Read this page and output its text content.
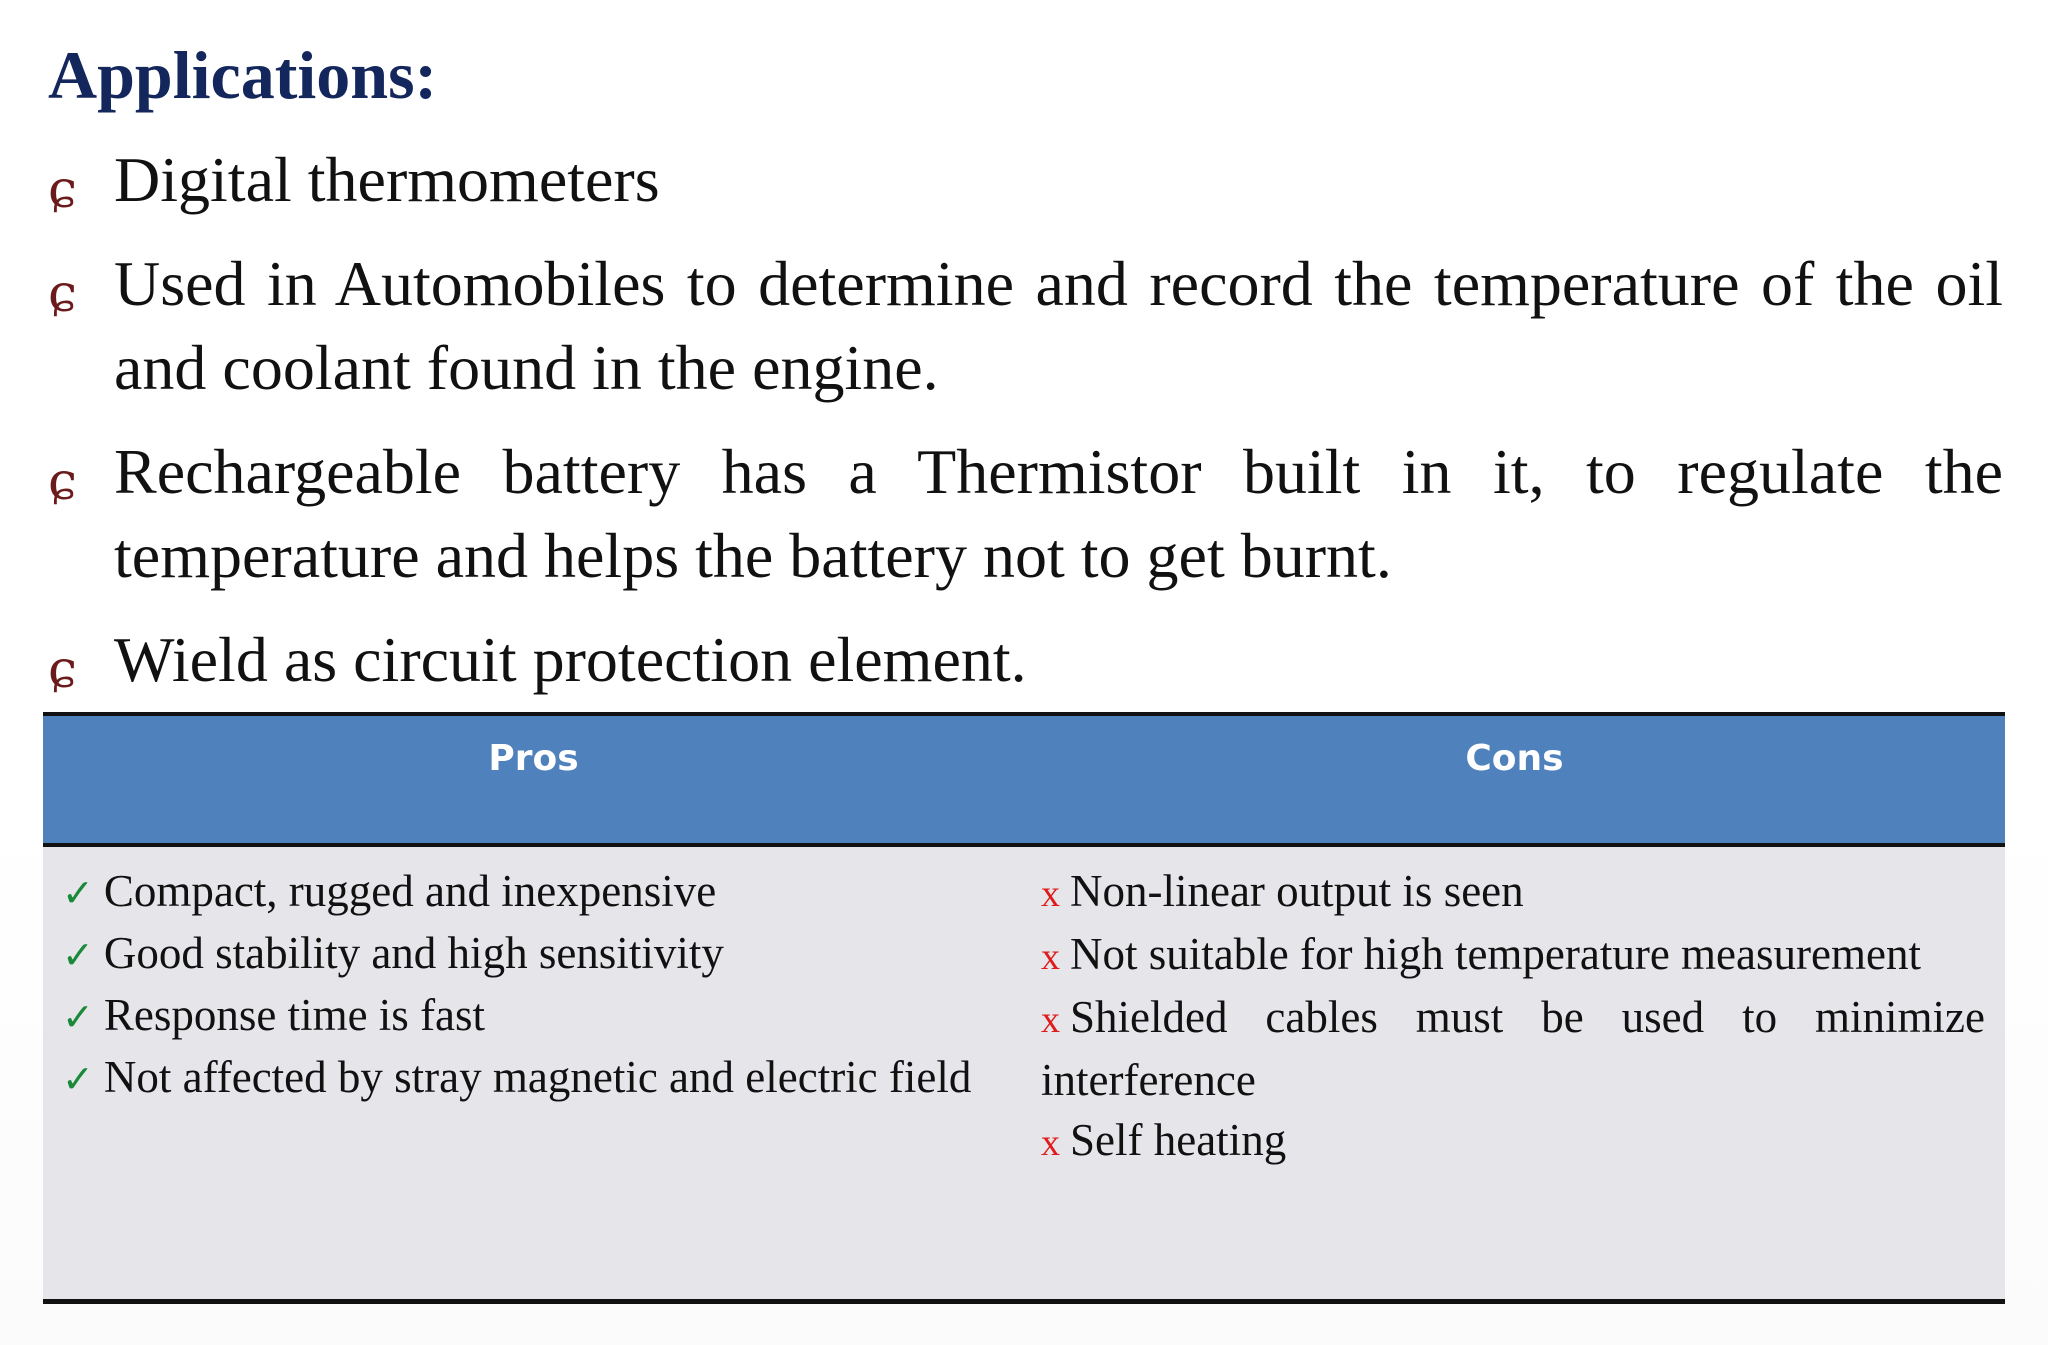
Applications:
ɕ Digital thermometers
ɕ Used in Automobiles to determine and record the temperature of the oil and coolant found in the engine.
ɕ Rechargeable battery has a Thermistor built in it, to regulate the temperature and helps the battery not to get burnt.
ɕ Wield as circuit protection element.
Pros	Cons
✓ Compact, rugged and inexpensive
✓ Good stability and high sensitivity
✓ Response time is fast
✓ Not affected by stray magnetic and electric field
x Non-linear output is seen
x Not suitable for high temperature measurement
x Shielded cables must be used to minimize interference
x Self heating
